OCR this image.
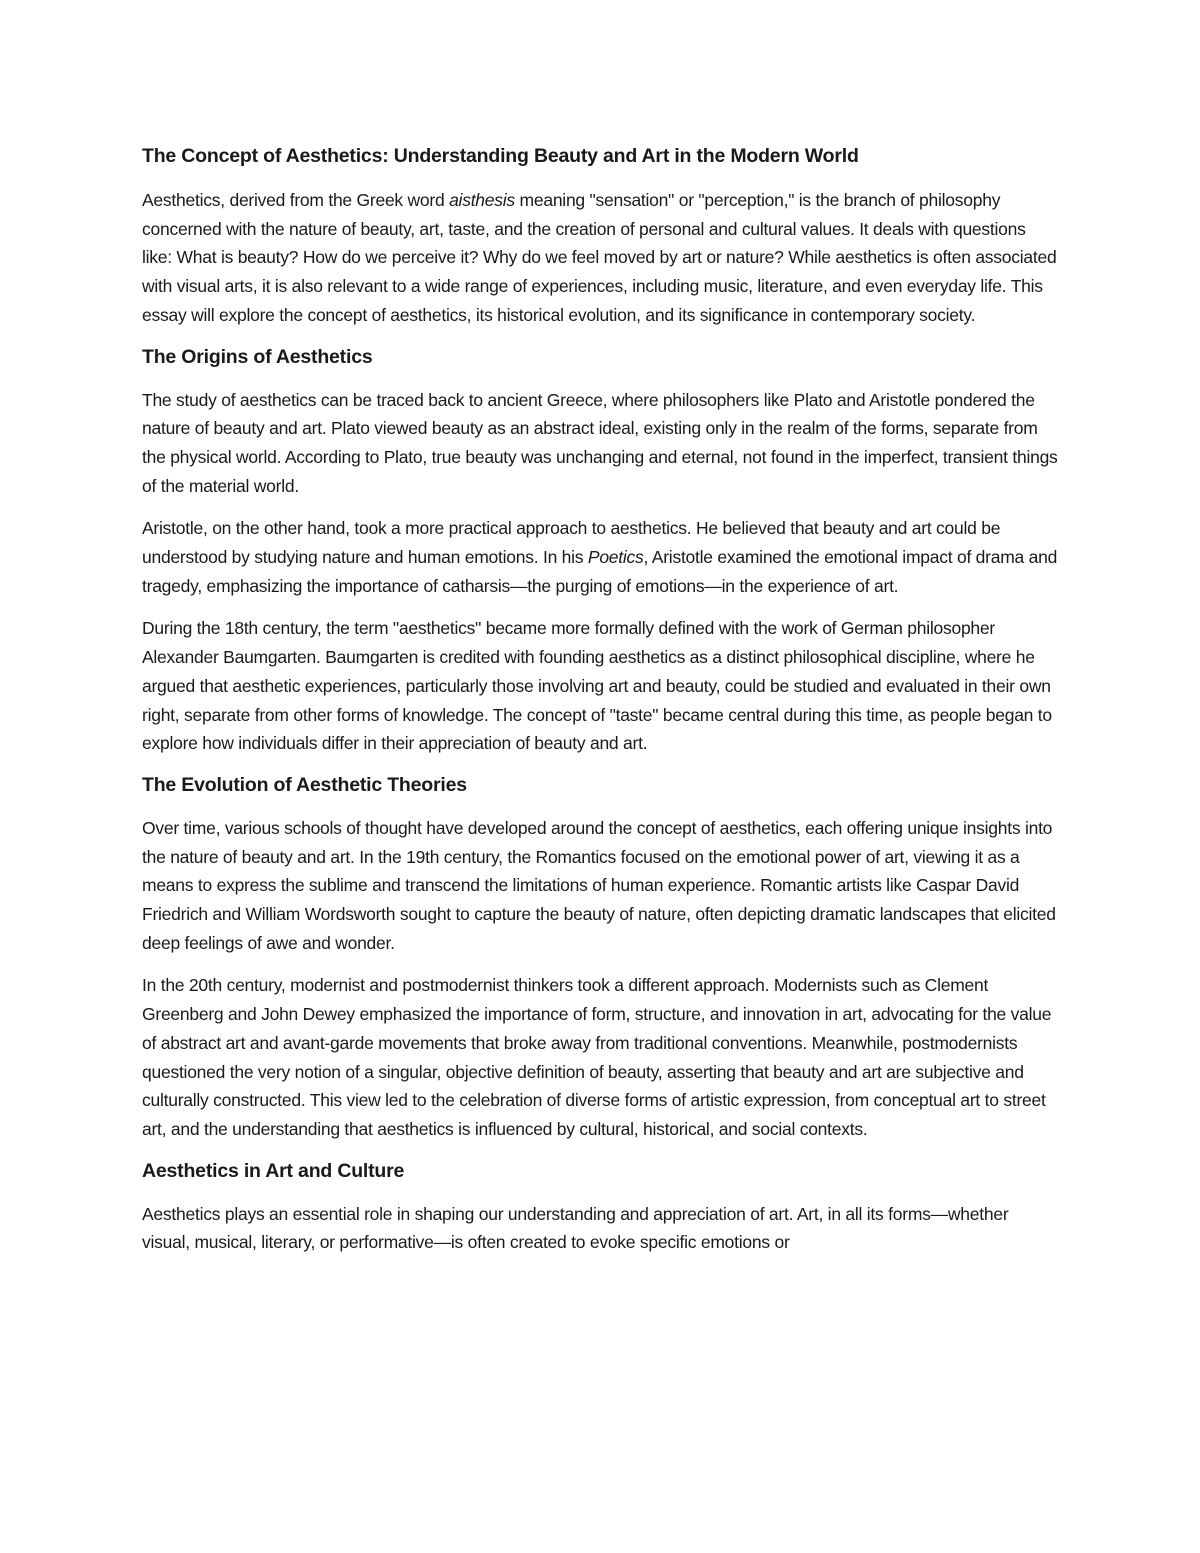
The Concept of Aesthetics: Understanding Beauty and Art in the Modern World

Aesthetics, derived from the Greek word aisthesis meaning "sensation" or "perception," is the branch of philosophy concerned with the nature of beauty, art, taste, and the creation of personal and cultural values. It deals with questions like: What is beauty? How do we perceive it? Why do we feel moved by art or nature? While aesthetics is often associated with visual arts, it is also relevant to a wide range of experiences, including music, literature, and even everyday life. This essay will explore the concept of aesthetics, its historical evolution, and its significance in contemporary society.

The Origins of Aesthetics

The study of aesthetics can be traced back to ancient Greece, where philosophers like Plato and Aristotle pondered the nature of beauty and art. Plato viewed beauty as an abstract ideal, existing only in the realm of the forms, separate from the physical world. According to Plato, true beauty was unchanging and eternal, not found in the imperfect, transient things of the material world.

Aristotle, on the other hand, took a more practical approach to aesthetics. He believed that beauty and art could be understood by studying nature and human emotions. In his Poetics, Aristotle examined the emotional impact of drama and tragedy, emphasizing the importance of catharsis—the purging of emotions—in the experience of art.

During the 18th century, the term "aesthetics" became more formally defined with the work of German philosopher Alexander Baumgarten. Baumgarten is credited with founding aesthetics as a distinct philosophical discipline, where he argued that aesthetic experiences, particularly those involving art and beauty, could be studied and evaluated in their own right, separate from other forms of knowledge. The concept of "taste" became central during this time, as people began to explore how individuals differ in their appreciation of beauty and art.

The Evolution of Aesthetic Theories

Over time, various schools of thought have developed around the concept of aesthetics, each offering unique insights into the nature of beauty and art. In the 19th century, the Romantics focused on the emotional power of art, viewing it as a means to express the sublime and transcend the limitations of human experience. Romantic artists like Caspar David Friedrich and William Wordsworth sought to capture the beauty of nature, often depicting dramatic landscapes that elicited deep feelings of awe and wonder.

In the 20th century, modernist and postmodernist thinkers took a different approach. Modernists such as Clement Greenberg and John Dewey emphasized the importance of form, structure, and innovation in art, advocating for the value of abstract art and avant-garde movements that broke away from traditional conventions. Meanwhile, postmodernists questioned the very notion of a singular, objective definition of beauty, asserting that beauty and art are subjective and culturally constructed. This view led to the celebration of diverse forms of artistic expression, from conceptual art to street art, and the understanding that aesthetics is influenced by cultural, historical, and social contexts.

Aesthetics in Art and Culture

Aesthetics plays an essential role in shaping our understanding and appreciation of art. Art, in all its forms—whether visual, musical, literary, or performative—is often created to evoke specific emotions or
